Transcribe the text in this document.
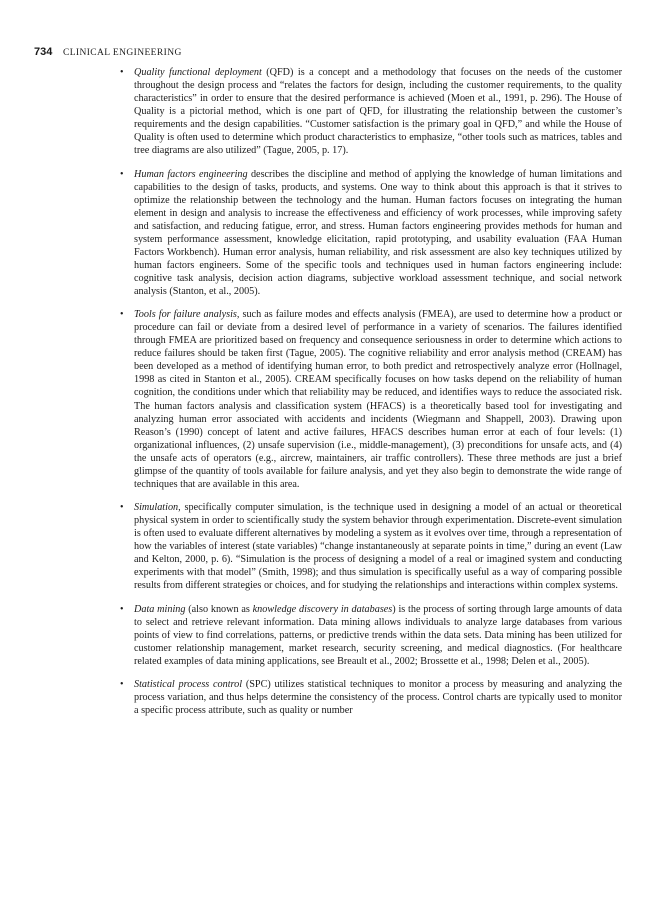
734 CLINICAL ENGINEERING

• Quality functional deployment (QFD) is a concept and a methodology that focuses on the needs of the customer throughout the design process and “relates the factors for design, including the customer requirements, to the quality characteristics” in order to ensure that the desired performance is achieved (Moen et al., 1991, p. 296). The House of Quality is a pictorial method, which is one part of QFD, for illustrating the relationship between the customer’s requirements and the design capabilities. “Customer satisfaction is the primary goal in QFD,” and while the House of Quality is often used to determine which product characteristics to emphasize, “other tools such as matrices, tables and tree diagrams are also utilized” (Tague, 2005, p. 17).

• Human factors engineering describes the discipline and method of applying the knowledge of human limitations and capabilities to the design of tasks, products, and systems. One way to think about this approach is that it strives to optimize the relationship between the technology and the human. Human factors focuses on integrating the human element in design and analysis to increase the effectiveness and efficiency of work processes, while improving safety and satisfaction, and reducing fatigue, error, and stress. Human factors engineering provides methods for human and system performance assessment, knowledge elicitation, rapid prototyping, and usability evaluation (FAA Human Factors Workbench). Human error analysis, human reliability, and risk assessment are also key techniques utilized by human factors engineers. Some of the specific tools and techniques used in human factors engineering include: cognitive task analysis, decision action diagrams, subjective workload assessment technique, and social network analysis (Stanton, et al., 2005).

• Tools for failure analysis, such as failure modes and effects analysis (FMEA), are used to determine how a product or procedure can fail or deviate from a desired level of performance in a variety of scenarios. The failures identified through FMEA are prioritized based on frequency and consequence seriousness in order to determine which actions to reduce failures should be taken first (Tague, 2005). The cognitive reliability and error analysis method (CREAM) has been developed as a method of identifying human error, to both predict and retrospectively analyze error (Hollnagel, 1998 as cited in Stanton et al., 2005). CREAM specifically focuses on how tasks depend on the reliability of human cognition, the conditions under which that reliability may be reduced, and identifies ways to reduce the associated risk. The human factors analysis and classification system (HFACS) is a theoretically based tool for investigating and analyzing human error associated with accidents and incidents (Wiegmann and Shappell, 2003). Drawing upon Reason’s (1990) concept of latent and active failures, HFACS describes human error at each of four levels: (1) organizational influences, (2) unsafe supervision (i.e., middle-management), (3) preconditions for unsafe acts, and (4) the unsafe acts of operators (e.g., aircrew, maintainers, air traffic controllers). These three methods are just a brief glimpse of the quantity of tools available for failure analysis, and yet they also begin to demonstrate the wide range of techniques that are available in this area.

• Simulation, specifically computer simulation, is the technique used in designing a model of an actual or theoretical physical system in order to scientifically study the system behavior through experimentation. Discrete-event simulation is often used to evaluate different alternatives by modeling a system as it evolves over time, through a representation of how the variables of interest (state variables) “change instantaneously at separate points in time,” during an event (Law and Kelton, 2000, p. 6). “Simulation is the process of designing a model of a real or imagined system and conducting experiments with that model” (Smith, 1998); and thus simulation is specifically useful as a way of comparing possible results from different strategies or choices, and for studying the relationships and interactions within complex systems.

• Data mining (also known as knowledge discovery in databases) is the process of sorting through large amounts of data to select and retrieve relevant information. Data mining allows individuals to analyze large databases from various points of view to find correlations, patterns, or predictive trends within the data sets. Data mining has been utilized for customer relationship management, market research, security screening, and medical diagnostics. (For healthcare related examples of data mining applications, see Breault et al., 2002; Brossette et al., 1998; Delen et al., 2005).

• Statistical process control (SPC) utilizes statistical techniques to monitor a process by measuring and analyzing the process variation, and thus helps determine the consistency of the process. Control charts are typically used to monitor a specific process attribute, such as quality or number
